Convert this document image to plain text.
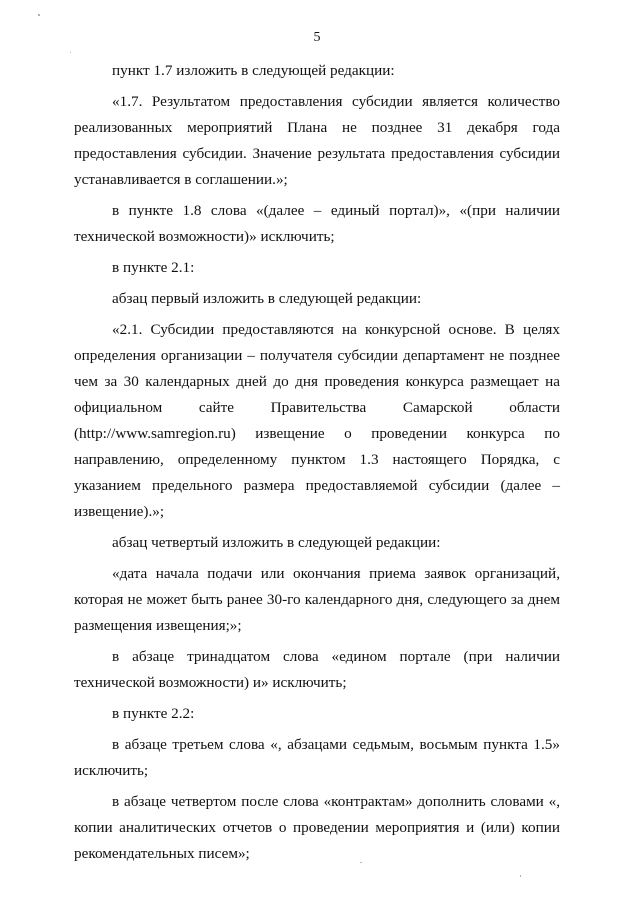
5

пункт 1.7 изложить в следующей редакции:

«1.7. Результатом предоставления субсидии является количество реализованных мероприятий Плана не позднее 31 декабря года предоставления субсидии. Значение результата предоставления субсидии устанавливается в соглашении.»;

в пункте 1.8 слова «(далее – единый портал)», «(при наличии технической возможности)» исключить;

в пункте 2.1:

абзац первый изложить в следующей редакции:

«2.1. Субсидии предоставляются на конкурсной основе. В целях определения организации – получателя субсидии департамент не позднее чем за 30 календарных дней до дня проведения конкурса размещает на официальном сайте Правительства Самарской области (http://www.samregion.ru) извещение о проведении конкурса по направлению, определенному пунктом 1.3 настоящего Порядка, с указанием предельного размера предоставляемой субсидии (далее – извещение).»;

абзац четвертый изложить в следующей редакции:

«дата начала подачи или окончания приема заявок организаций, которая не может быть ранее 30-го календарного дня, следующего за днем размещения извещения;»;

в абзаце тринадцатом слова «едином портале (при наличии технической возможности) и» исключить;

в пункте 2.2:

в абзаце третьем слова «, абзацами седьмым, восьмым пункта 1.5» исключить;

в абзаце четвертом после слова «контрактам» дополнить словами «, копии аналитических отчетов о проведении мероприятия и (или) копии рекомендательных писем»;
